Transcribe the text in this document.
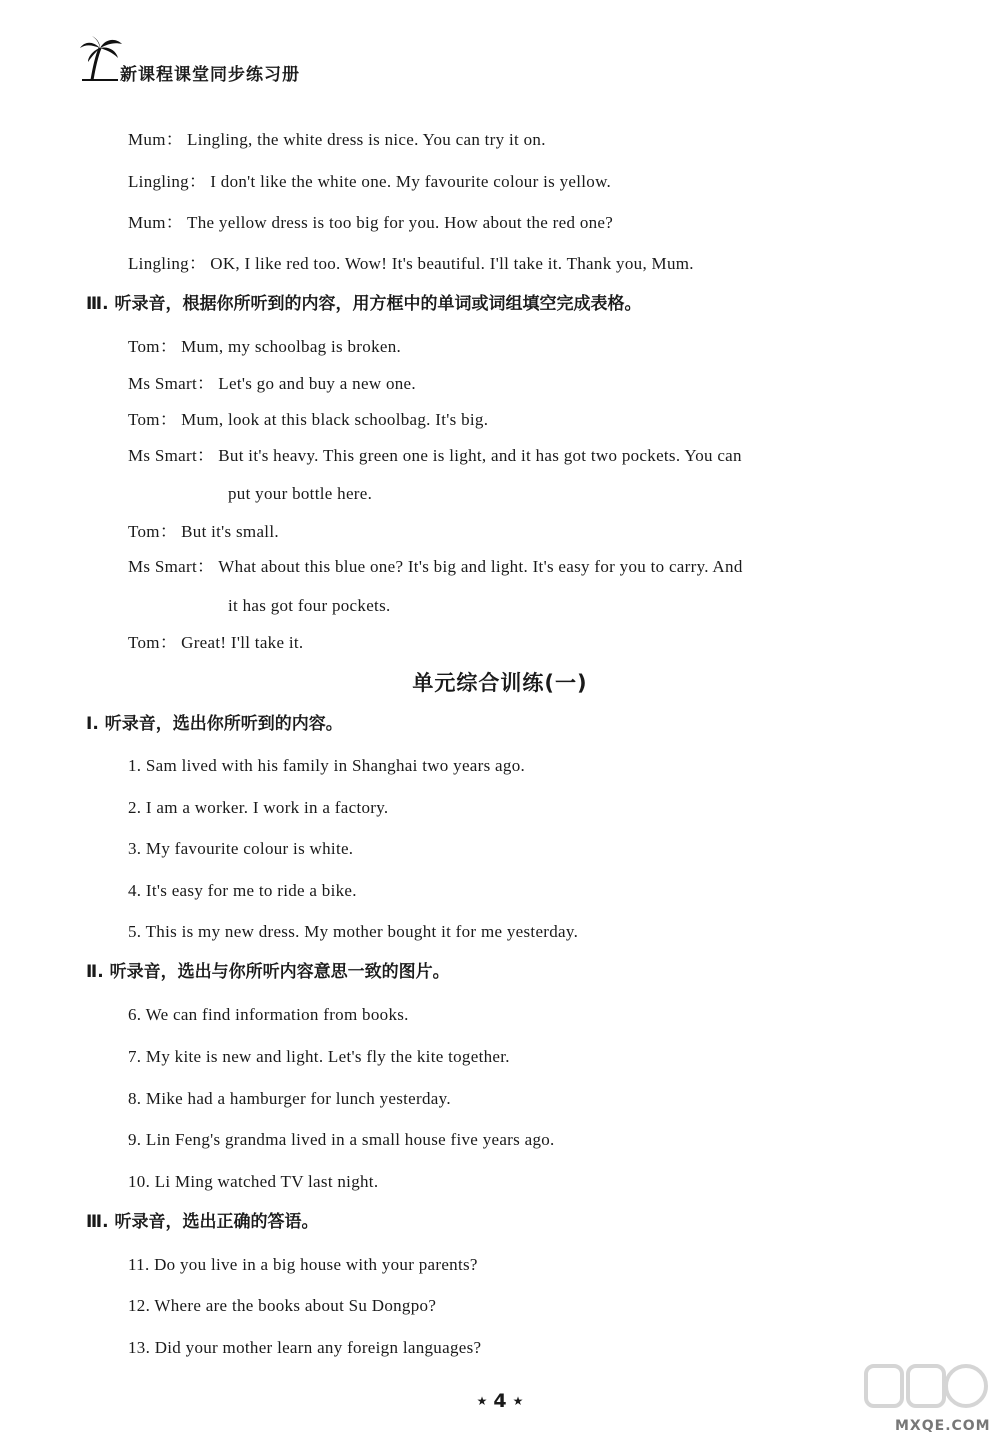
新课程课堂同步练习册
Mum： Lingling, the white dress is nice. You can try it on.
Lingling： I don't like the white one. My favourite colour is yellow.
Mum： The yellow dress is too big for you. How about the red one?
Lingling： OK, I like red too. Wow! It's beautiful. I'll take it. Thank you, Mum.
Ⅲ. 听录音，根据你所听到的内容，用方框中的单词或词组填空完成表格。
Tom： Mum, my schoolbag is broken.
Ms Smart： Let's go and buy a new one.
Tom： Mum, look at this black schoolbag. It's big.
Ms Smart： But it's heavy. This green one is light, and it has got two pockets. You can
put your bottle here.
Tom： But it's small.
Ms Smart： What about this blue one? It's big and light. It's easy for you to carry. And
it has got four pockets.
Tom： Great! I'll take it.
单元综合训练(一)
Ⅰ. 听录音，选出你所听到的内容。
1. Sam lived with his family in Shanghai two years ago.
2. I am a worker. I work in a factory.
3. My favourite colour is white.
4. It's easy for me to ride a bike.
5. This is my new dress. My mother bought it for me yesterday.
Ⅱ. 听录音，选出与你所听内容意思一致的图片。
6. We can find information from books.
7. My kite is new and light. Let's fly the kite together.
8. Mike had a hamburger for lunch yesterday.
9. Lin Feng's grandma lived in a small house five years ago.
10. Li Ming watched TV last night.
Ⅲ. 听录音，选出正确的答语。
11. Do you live in a big house with your parents?
12. Where are the books about Su Dongpo?
13. Did your mother learn any foreign languages?
★ 4 ★
MXQE.COM
